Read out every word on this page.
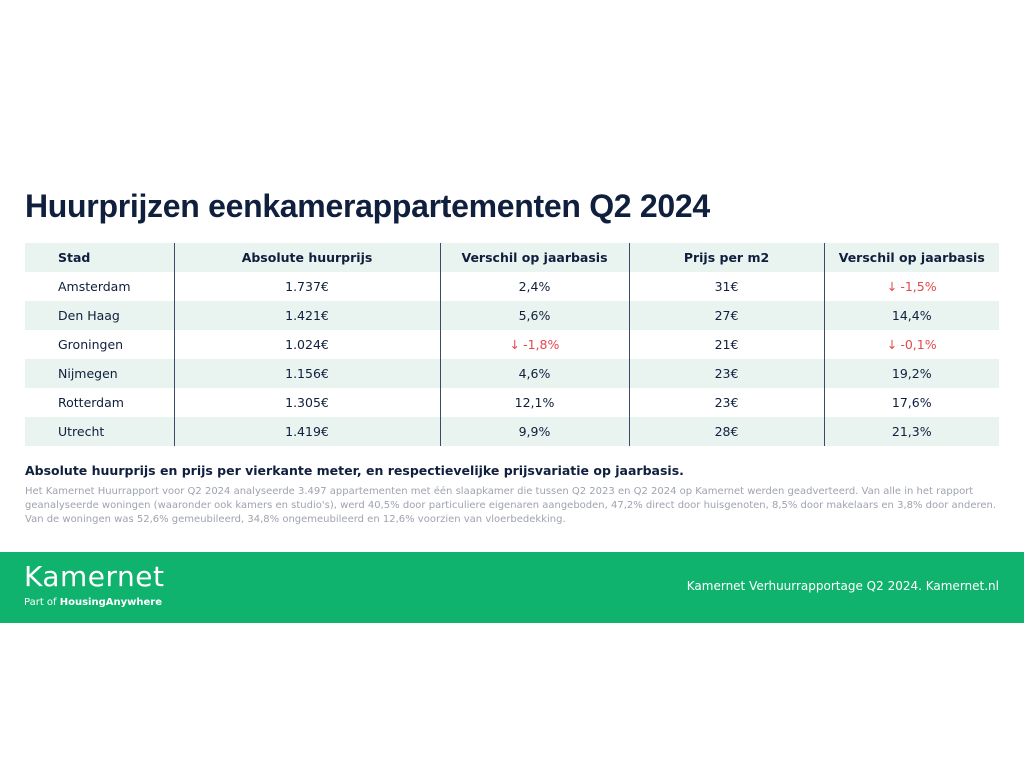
Huurprijzen eenkamerappartementen Q2 2024
Stad	Absolute huurprijs	Verschil op jaarbasis	Prijs per m2	Verschil op jaarbasis
Amsterdam	1.737€	2,4%	31€	↓ -1,5%
Den Haag	1.421€	5,6%	27€	14,4%
Groningen	1.024€	↓ -1,8%	21€	↓ -0,1%
Nijmegen	1.156€	4,6%	23€	19,2%
Rotterdam	1.305€	12,1%	23€	17,6%
Utrecht	1.419€	9,9%	28€	21,3%

Absolute huurprijs en prijs per vierkante meter, en respectievelijke prijsvariatie op jaarbasis.

Het Kamernet Huurrapport voor Q2 2024 analyseerde 3.497 appartementen met één slaapkamer die tussen Q2 2023 en Q2 2024 op Kamernet werden geadverteerd. Van alle in het rapport geanalyseerde woningen (waaronder ook kamers en studio's), werd 40,5% door particuliere eigenaren aangeboden, 47,2% direct door huisgenoten, 8,5% door makelaars en 3,8% door anderen. Van de woningen was 52,6% gemeubileerd, 34,8% ongemeubileerd en 12,6% voorzien van vloerbedekking.

Kamernet
Part of HousingAnywhere
Kamernet Verhuurrapportage Q2 2024. Kamernet.nl
